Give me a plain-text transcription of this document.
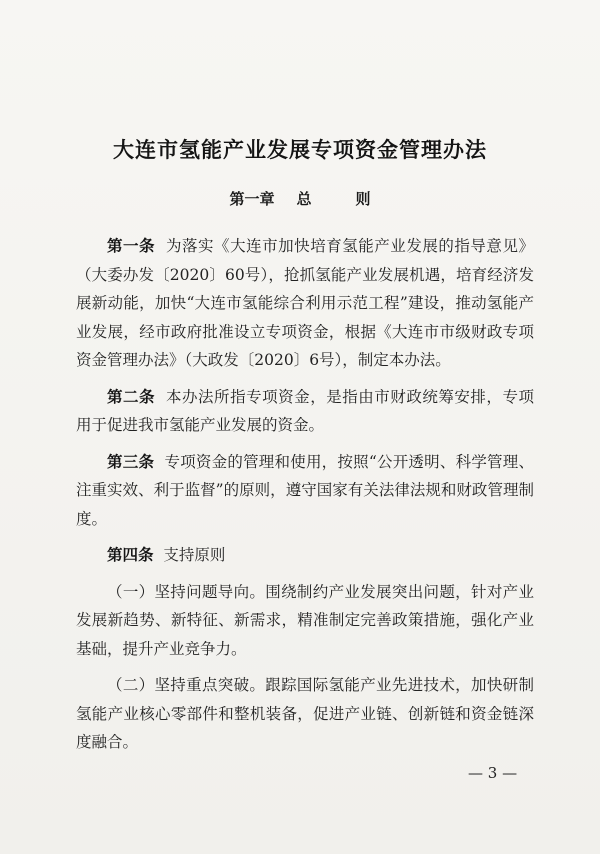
大连市氢能产业发展专项资金管理办法
第一章 总	则

第一条 为落实《大连市加快培育氢能产业发展的指导意见》（大委办发〔2020〕60号），抢抓氢能产业发展机遇，培育经济发展新动能，加快“大连市氢能综合利用示范工程”建设，推动氢能产业发展，经市政府批准设立专项资金，根据《大连市市级财政专项资金管理办法》（大政发〔2020〕6号），制定本办法。

第二条 本办法所指专项资金，是指由市财政统筹安排，专项用于促进我市氢能产业发展的资金。

第三条 专项资金的管理和使用，按照“公开透明、科学管理、注重实效、利于监督”的原则，遵守国家有关法律法规和财政管理制度。

第四条 支持原则

（一）坚持问题导向。围绕制约产业发展突出问题，针对产业发展新趋势、新特征、新需求，精准制定完善政策措施，强化产业基础，提升产业竞争力。

（二）坚持重点突破。跟踪国际氢能产业先进技术，加快研制氢能产业核心零部件和整机装备，促进产业链、创新链和资金链深度融合。

— 3 —
